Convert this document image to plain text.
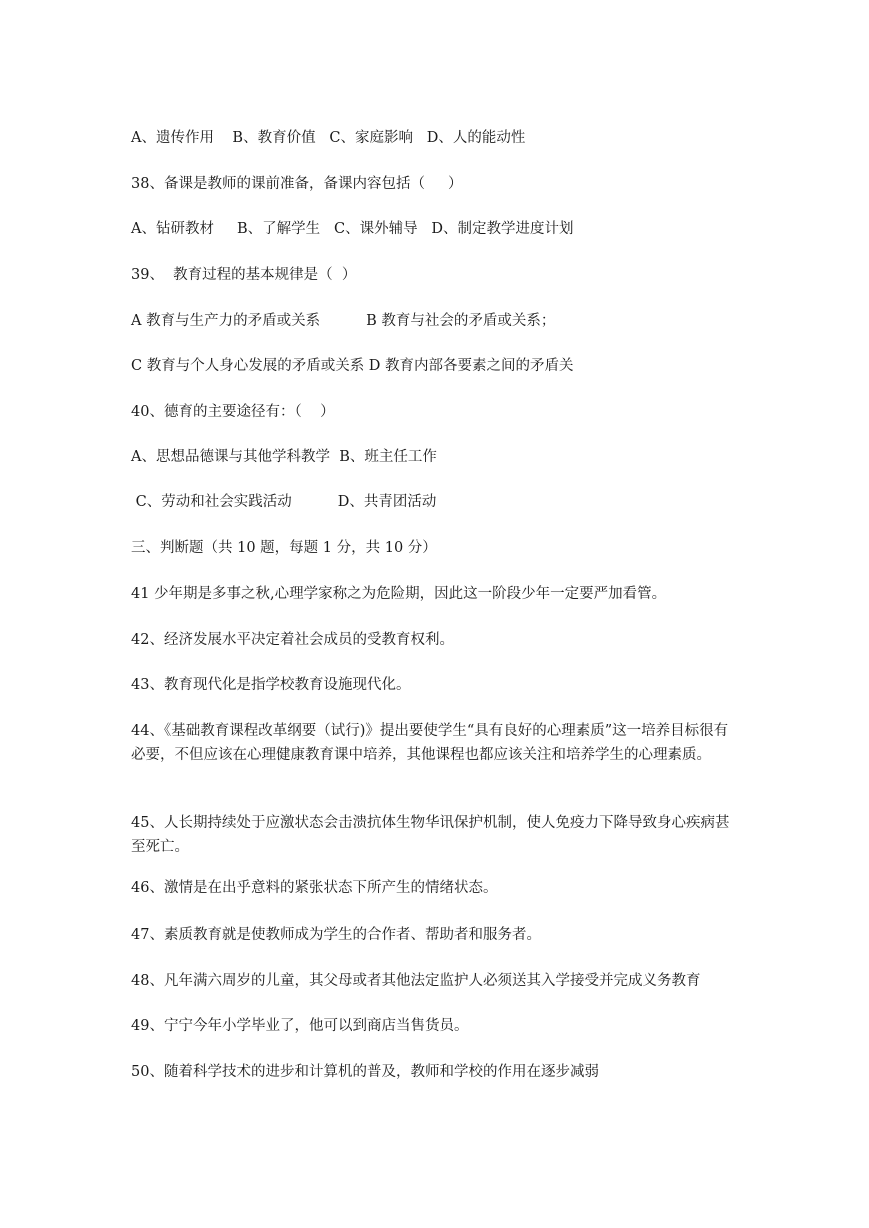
A、遗传作用    B、教育价值   C、家庭影响   D、人的能动性
38、备课是教师的课前准备，备课内容包括（     ）
A、钻研教材     B、了解学生   C、课外辅导   D、制定教学进度计划
39、  教育过程的基本规律是（  ）
A 教育与生产力的矛盾或关系          B 教育与社会的矛盾或关系；
C 教育与个人身心发展的矛盾或关系 D 教育内部各要素之间的矛盾关
40、德育的主要途径有：（    ）
A、思想品德课与其他学科教学  B、班主任工作
C、劳动和社会实践活动          D、共青团活动
三、判断题（共 10 题，每题 1 分，共 10 分）
41 少年期是多事之秋,心理学家称之为危险期，因此这一阶段少年一定要严加看管。
42、经济发展水平决定着社会成员的受教育权利。
43、教育现代化是指学校教育设施现代化。
44、《基础教育课程改革纲要（试行)》提出要使学生“具有良好的心理素质”这一培养目标很有必要，不但应该在心理健康教育课中培养，其他课程也都应该关注和培养学生的心理素质。
45、人长期持续处于应激状态会击溃抗体生物华讯保护机制，使人免疫力下降导致身心疾病甚至死亡。
46、激情是在出乎意料的紧张状态下所产生的情绪状态。
47、素质教育就是使教师成为学生的合作者、帮助者和服务者。
48、凡年满六周岁的儿童，其父母或者其他法定监护人必须送其入学接受并完成义务教育
49、宁宁今年小学毕业了，他可以到商店当售货员。
50、随着科学技术的进步和计算机的普及，教师和学校的作用在逐步减弱
